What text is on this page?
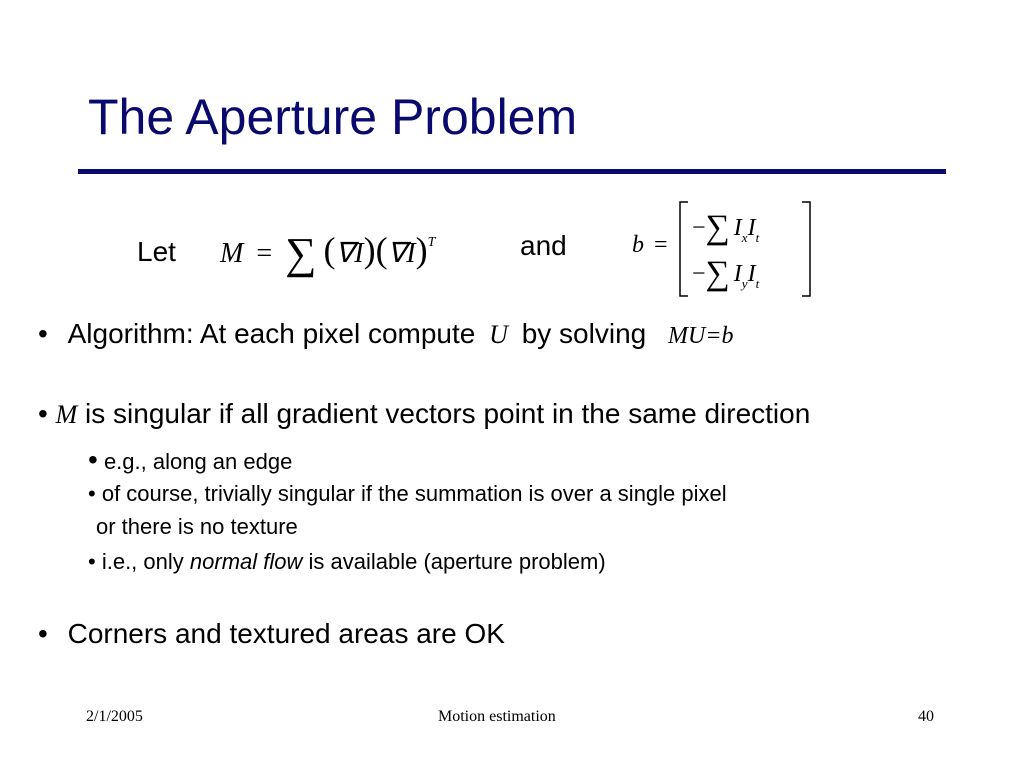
The Aperture Problem
Let M = ∑ $(\nabla I)(\nabla I)^T$	and	b =
−∑ $I_xI_t$
−∑ $I_yI_t$
• Algorithm: At each pixel compute U by solving MU=b
• M is singular if all gradient vectors point in the same direction
• e.g., along an edge
• of course, trivially singular if the summation is over a single pixel
or there is no texture
• i.e., only normal flow is available (aperture problem)
• Corners and textured areas are OK
2/1/2005	Motion estimation	40
